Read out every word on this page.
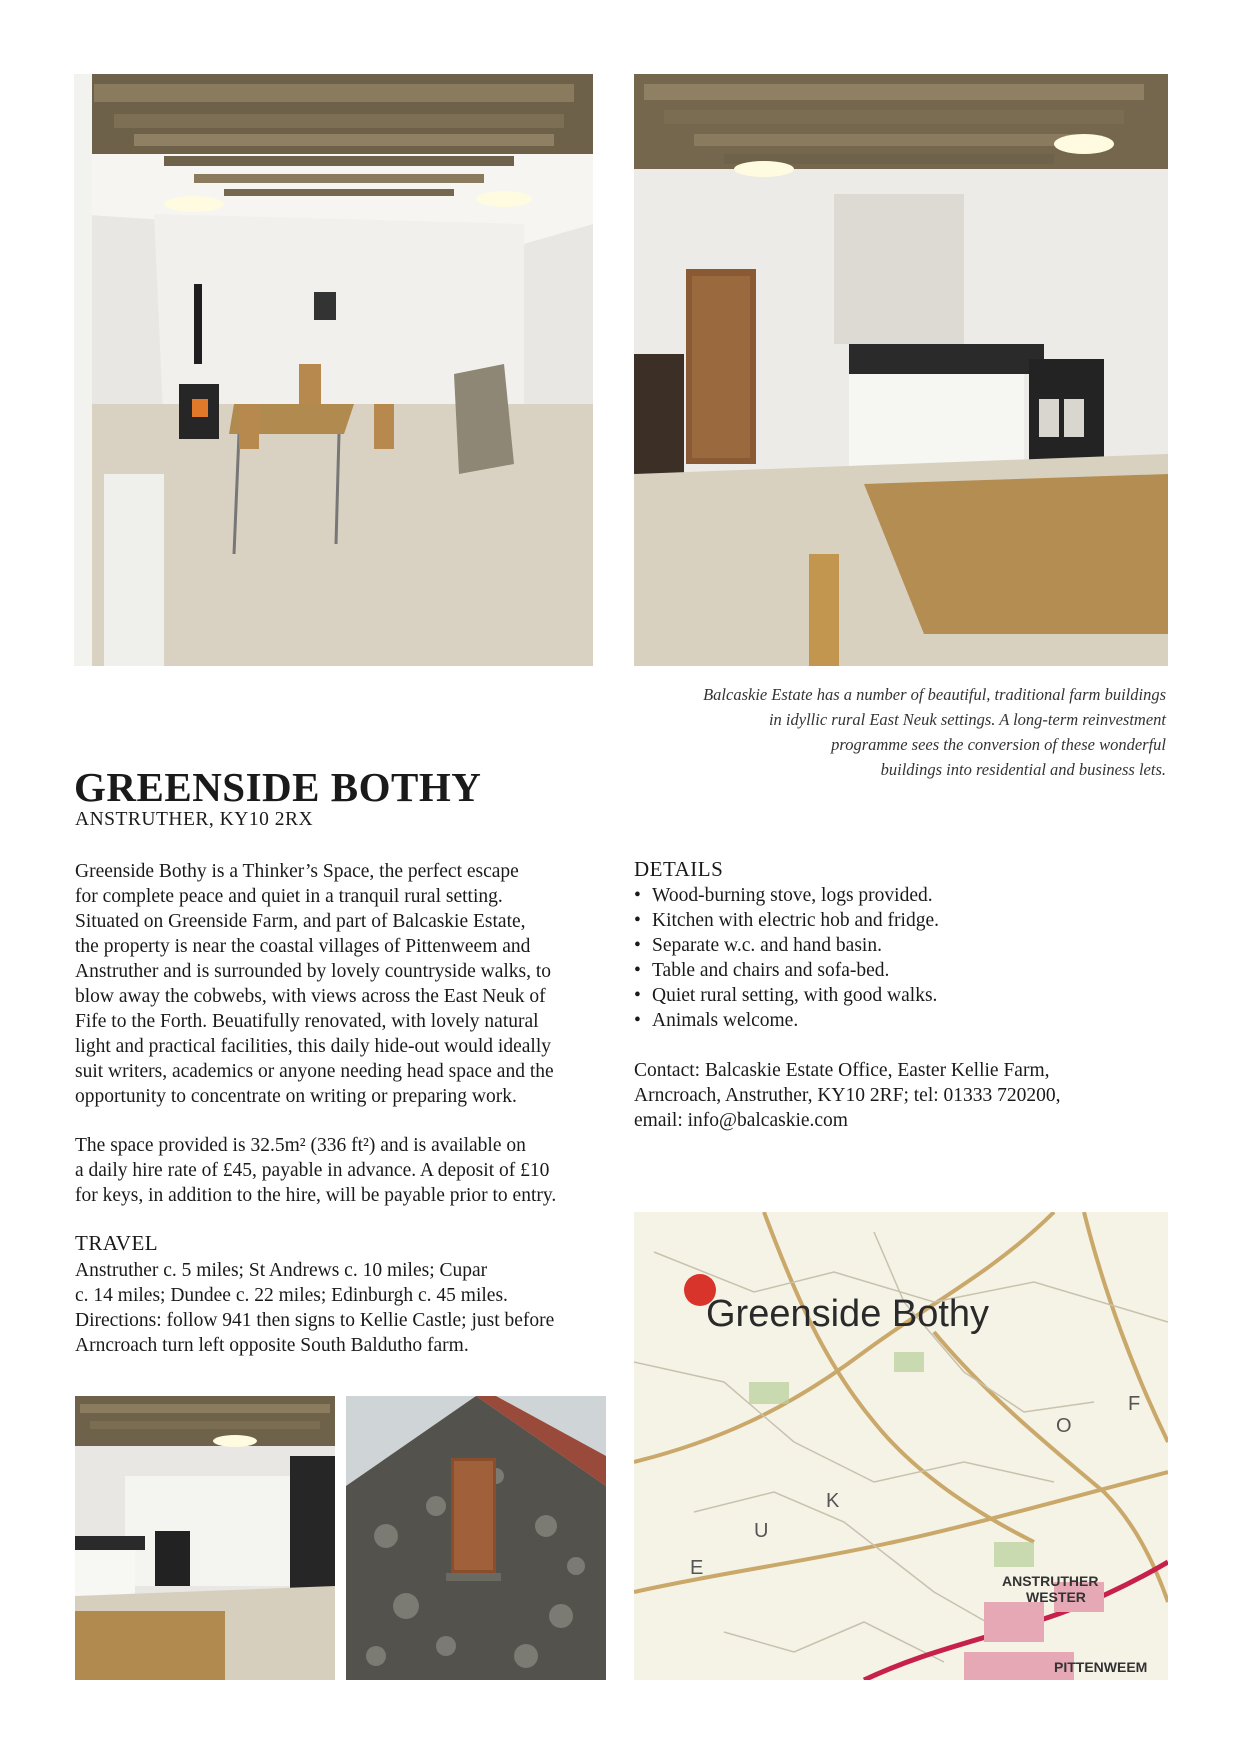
Balcaskie Estate has a number of beautiful, traditional farm buildings
in idyllic rural East Neuk settings. A long-term reinvestment
programme sees the conversion of these wonderful
buildings into residential and business lets.
GREENSIDE BOTHY
ANSTRUTHER, KY10 2RX
Greenside Bothy is a Thinker’s Space, the perfect escape
for complete peace and quiet in a tranquil rural setting.
Situated on Greenside Farm, and part of Balcaskie Estate,
the property is near the coastal villages of Pittenweem and
Anstruther and is surrounded by lovely countryside walks, to
blow away the cobwebs, with views across the East Neuk of
Fife to the Forth. Beuatifully renovated, with lovely natural
light and practical facilities, this daily hide-out would ideally
suit writers, academics or anyone needing head space and the
opportunity to concentrate on writing or preparing work.
The space provided is 32.5m² (336 ft²) and is available on
a daily hire rate of £45, payable in advance. A deposit of £10
for keys, in addition to the hire, will be payable prior to entry.
TRAVEL
Anstruther c. 5 miles; St Andrews c. 10 miles; Cupar
c. 14 miles; Dundee c. 22 miles; Edinburgh c. 45 miles.
Directions: follow 941 then signs to Kellie Castle; just before
Arncroach turn left opposite South Baldutho farm.
DETAILS
• Wood-burning stove, logs provided.
• Kitchen with electric hob and fridge.
• Separate w.c. and hand basin.
• Table and chairs and sofa-bed.
• Quiet rural setting, with good walks.
• Animals welcome.
Contact: Balcaskie Estate Office, Easter Kellie Farm,
Arncroach, Anstruther, KY10 2RF; tel: 01333 720200,
email: info@balcaskie.com
Greenside Bothy
E
U
K
O
F
ANSTRUTHER
WESTER
PITTENWEEM
